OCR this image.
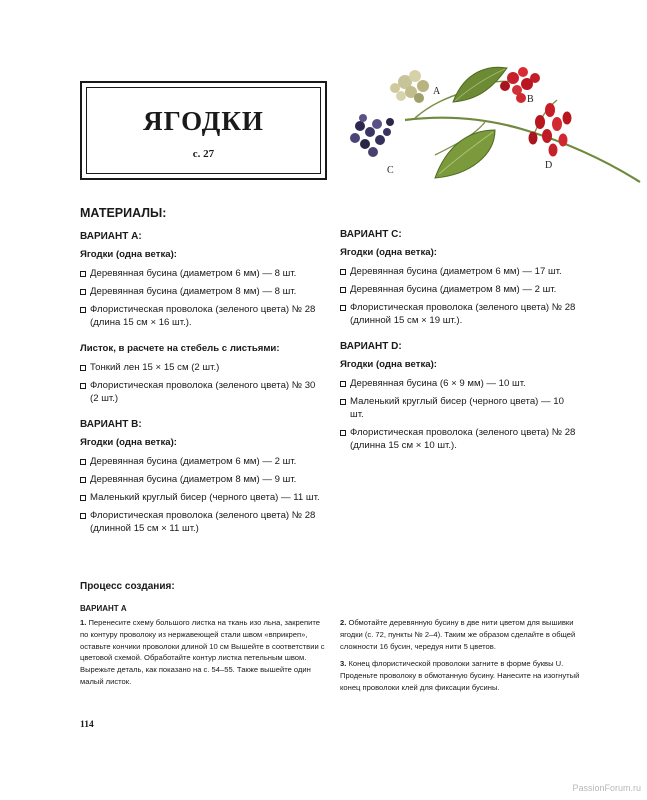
ЯГОДКИ
с. 27
A
B
C	D
МАТЕРИАЛЫ:
ВАРИАНТ А:
Ягодки (одна ветка):
Деревянная бусина (диаметром 6 мм) — 8 шт.
Деревянная бусина (диаметром 8 мм) — 8 шт.
Флористическая проволока (зеленого цвета) № 28 (длина 15 см × 16 шт.).
Листок, в расчете на стебель с листьями:
Тонкий лен 15 × 15 см (2 шт.)
Флористическая проволока (зеленого цвета) № 30 (2 шт.)
ВАРИАНТ B:
Ягодки (одна ветка):
Деревянная бусина (диаметром 6 мм) — 2 шт.
Деревянная бусина (диаметром 8 мм) — 9 шт.
Маленький круглый бисер (черного цвета) — 11 шт.
Флористическая проволока (зеленого цвета) № 28 (длинной 15 см × 11 шт.)
ВАРИАНТ C:
Ягодки (одна ветка):
Деревянная бусина (диаметром 6 мм) — 17 шт.
Деревянная бусина (диаметром 8 мм) — 2 шт.
Флористическая проволока (зеленого цвета) № 28 (длинной 15 см × 19 шт.).
ВАРИАНТ D:
Ягодки (одна ветка):
Деревянная бусина (6 × 9 мм) — 10 шт.
Маленький круглый бисер (черного цвета) — 10 шт.
Флористическая проволока (зеленого цвета) № 28 (длинна 15 см × 10 шт.).
Процесс создания:
ВАРИАНТ А

1. Перенесите схему большого листка на ткань изо льна, закрепите по контуру проволоку из нержавеющей стали швом «вприкреп», оставьте кончики проволоки длиной 10 см Вышейте в соответствии с цветовой схемой. Обработайте контур листка петельным швом. Вырежьте деталь, как показано на с. 54–55. Также вышейте один малый листок.

2. Обмотайте деревянную бусину в две нити цветом для вышивки ягодки (с. 72, пункты № 2–4). Таким же образом сделайте в общей сложности 16 бусин, чередуя нити 5 цветов.

3. Конец флористической проволоки загните в форме буквы U. Проденьте проволоку в обмотанную бусину. Нанесите на изогнутый конец проволоки клей для фиксации бусины.

114
PassionForum.ru
